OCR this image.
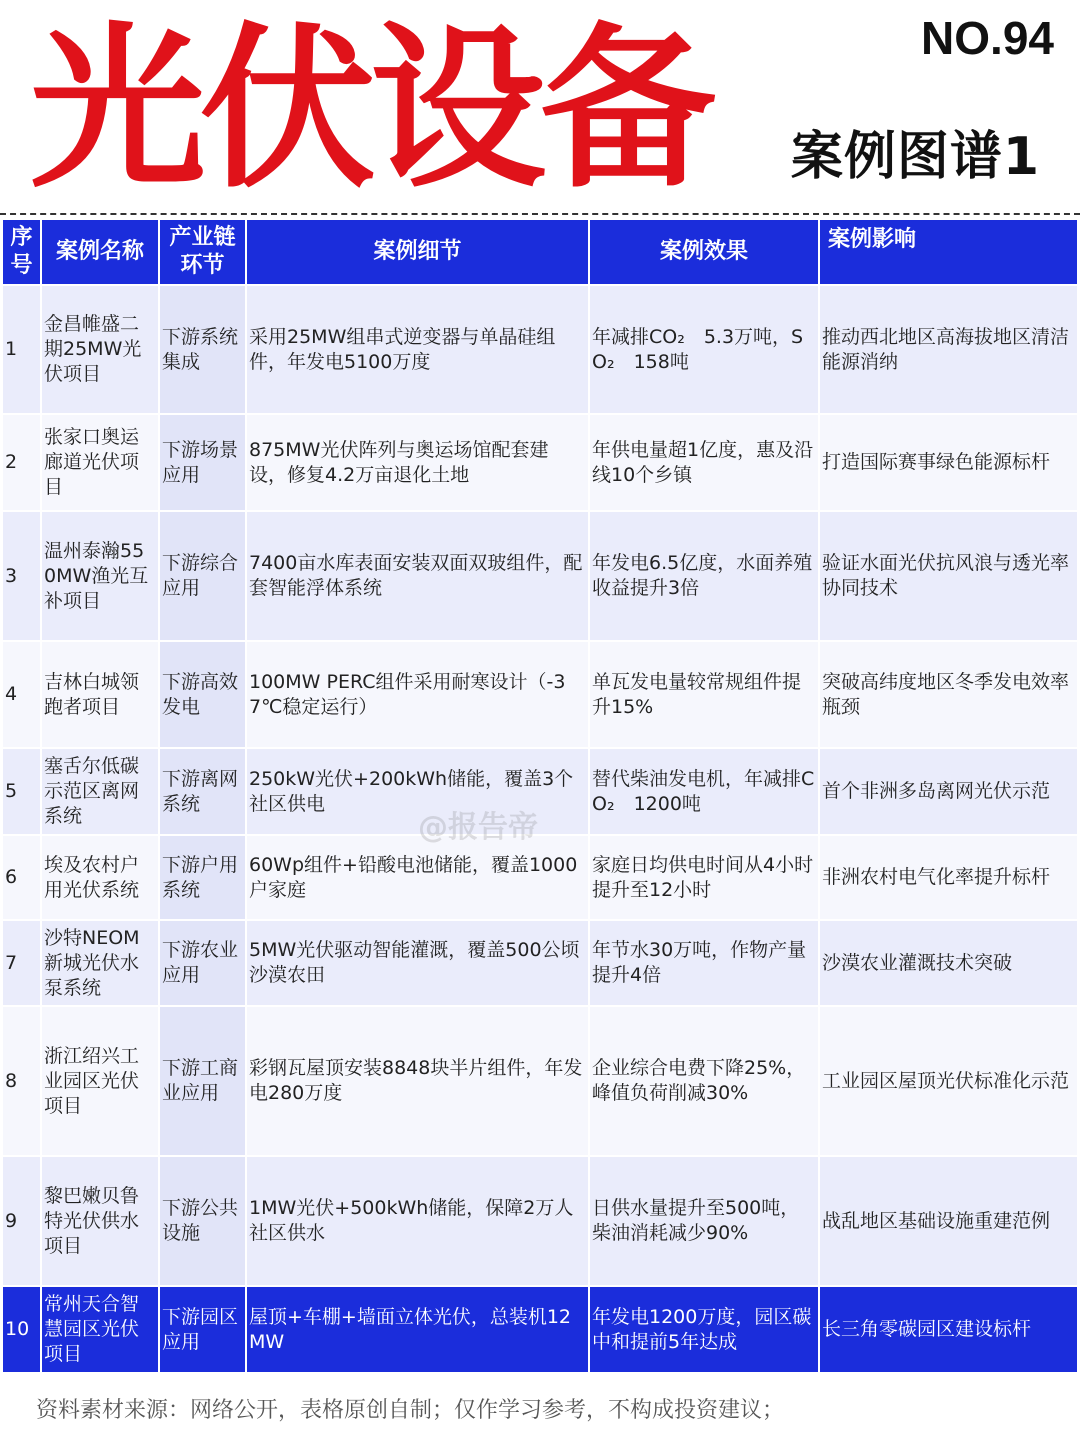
光伏设备	NO.94
案例图谱1
序号	案例名称	产业链环节	案例细节	案例效果	案例影响
1	金昌帷盛二期25MW光伏项目	下游系统集成	采用25MW组串式逆变器与单晶硅组件，年发电5100万度	年减排CO₂　5.3万吨，SO₂　158吨	推动西北地区高海拔地区清洁能源消纳
2	张家口奥运廊道光伏项目	下游场景应用	875MW光伏阵列与奥运场馆配套建设，修复4.2万亩退化土地	年供电量超1亿度，惠及沿线10个乡镇	打造国际赛事绿色能源标杆
3	温州泰瀚550MW渔光互补项目	下游综合应用	7400亩水库表面安装双面双玻组件，配套智能浮体系统	年发电6.5亿度，水面养殖收益提升3倍	验证水面光伏抗风浪与透光率协同技术
4	吉林白城领跑者项目	下游高效发电	100MW PERC组件采用耐寒设计（-37℃稳定运行）	单瓦发电量较常规组件提升15%	突破高纬度地区冬季发电效率瓶颈
5	塞舌尔低碳示范区离网系统	下游离网系统	250kW光伏+200kWh储能，覆盖3个社区供电	替代柴油发电机，年减排CO₂　1200吨	首个非洲多岛离网光伏示范
6	埃及农村户用光伏系统	下游户用系统	60Wp组件+铅酸电池储能，覆盖1000户家庭	家庭日均供电时间从4小时提升至12小时	非洲农村电气化率提升标杆
7	沙特NEOM新城光伏水泵系统	下游农业应用	5MW光伏驱动智能灌溉，覆盖500公顷沙漠农田	年节水30万吨，作物产量提升4倍	沙漠农业灌溉技术突破
8	浙江绍兴工业园区光伏项目	下游工商业应用	彩钢瓦屋顶安装8848块半片组件，年发电280万度	企业综合电费下降25%，峰值负荷削减30%	工业园区屋顶光伏标准化示范
9	黎巴嫩贝鲁特光伏供水项目	下游公共设施	1MW光伏+500kWh储能，保障2万人社区供水	日供水量提升至500吨，柴油消耗减少90%	战乱地区基础设施重建范例
10	常州天合智慧园区光伏项目	下游园区应用	屋顶+车棚+墙面立体光伏，总装机12MW	年发电1200万度，园区碳中和提前5年达成	长三角零碳园区建设标杆
@报告帝
资料素材来源：网络公开，表格原创自制；仅作学习参考，不构成投资建议；
